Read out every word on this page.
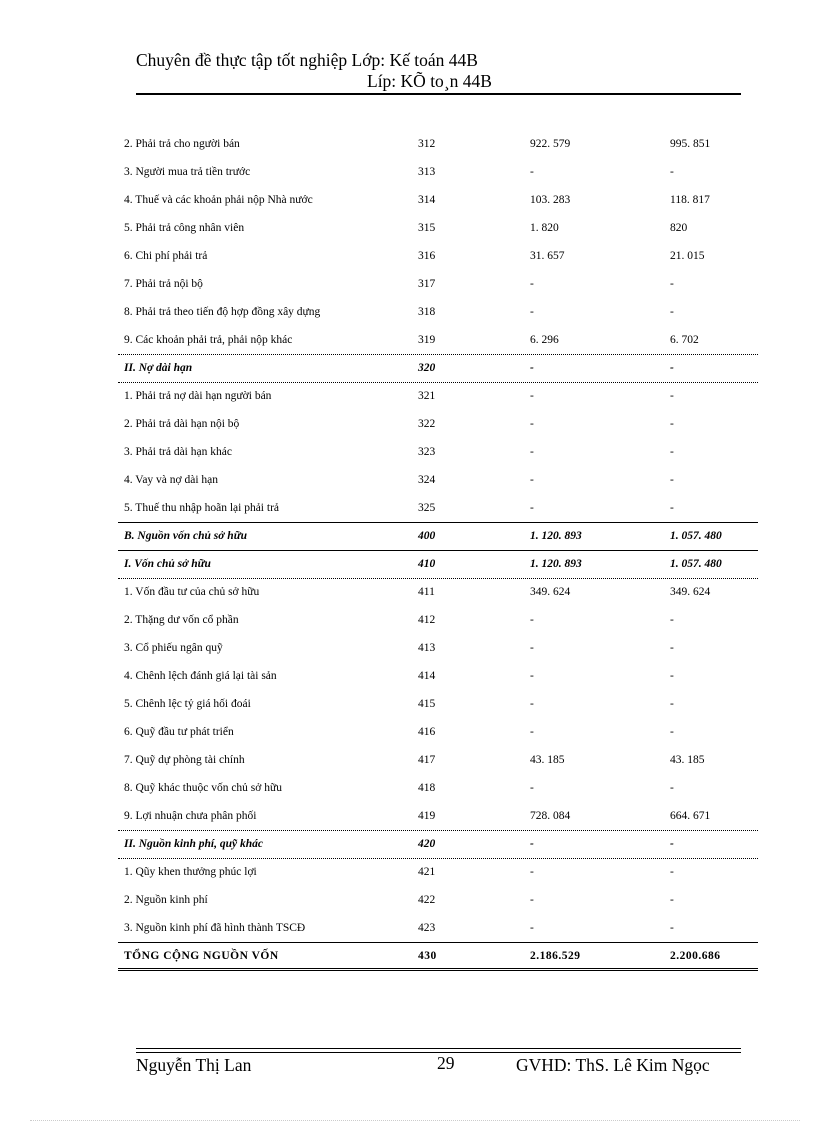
Chuyên đề thực tập tốt nghiệp Lớp: Kế toán 44B
Líp: KÕ to¸n 44B
2. Phải trả cho người bán	312	922. 579	995. 851
3. Người mua trả tiền trước	313	-	-
4. Thuế và các khoản phải nộp Nhà nước	314	103. 283	118. 817
5. Phải trả công nhân viên	315	1. 820	820
6. Chi phí phải trả	316	31. 657	21. 015
7. Phải trả nội bộ	317	-	-
8. Phải trả theo tiến độ hợp đồng xây dựng	318	-	-
9. Các khoản phải trả, phải nộp khác	319	6. 296	6. 702
II. Nợ dài hạn	320	-	-
1. Phải trả nợ dài hạn người bán	321	-	-
2. Phải trả dài hạn nội bộ	322	-	-
3. Phải trả dài hạn khác	323	-	-
4. Vay và nợ dài hạn	324	-	-
5. Thuế thu nhập hoãn lại phải trả	325	-	-
B. Nguồn vốn chủ sở hữu	400	1. 120. 893	1. 057. 480
I. Vốn chủ sở hữu	410	1. 120. 893	1. 057. 480
1. Vốn đầu tư của chủ sở hữu	411	349. 624	349. 624
2. Thặng dư vốn cổ phần	412	-	-
3. Cổ phiếu ngân quỹ	413	-	-
4. Chênh lệch đánh giá lại tài sản	414	-	-
5. Chênh lệc tỷ giá hối đoái	415	-	-
6. Quỹ đầu tư phát triển	416	-	-
7. Quỹ dự phòng tài chính	417	43. 185	43. 185
8. Quỹ khác thuộc vốn chủ sở hữu	418	-	-
9. Lợi nhuận chưa phân phối	419	728. 084	664. 671
II. Nguồn kinh phí, quỹ khác	420	-	-
1. Qũy khen thưởng phúc lợi	421	-	-
2. Nguồn kinh phí	422	-	-
3. Nguồn kinh phí đã hình thành TSCĐ	423	-	-
TỔNG CỘNG NGUỒN VỐN	430	2.186.529	2.200.686
Nguyễn Thị Lan	29	GVHD: ThS. Lê Kim Ngọc
